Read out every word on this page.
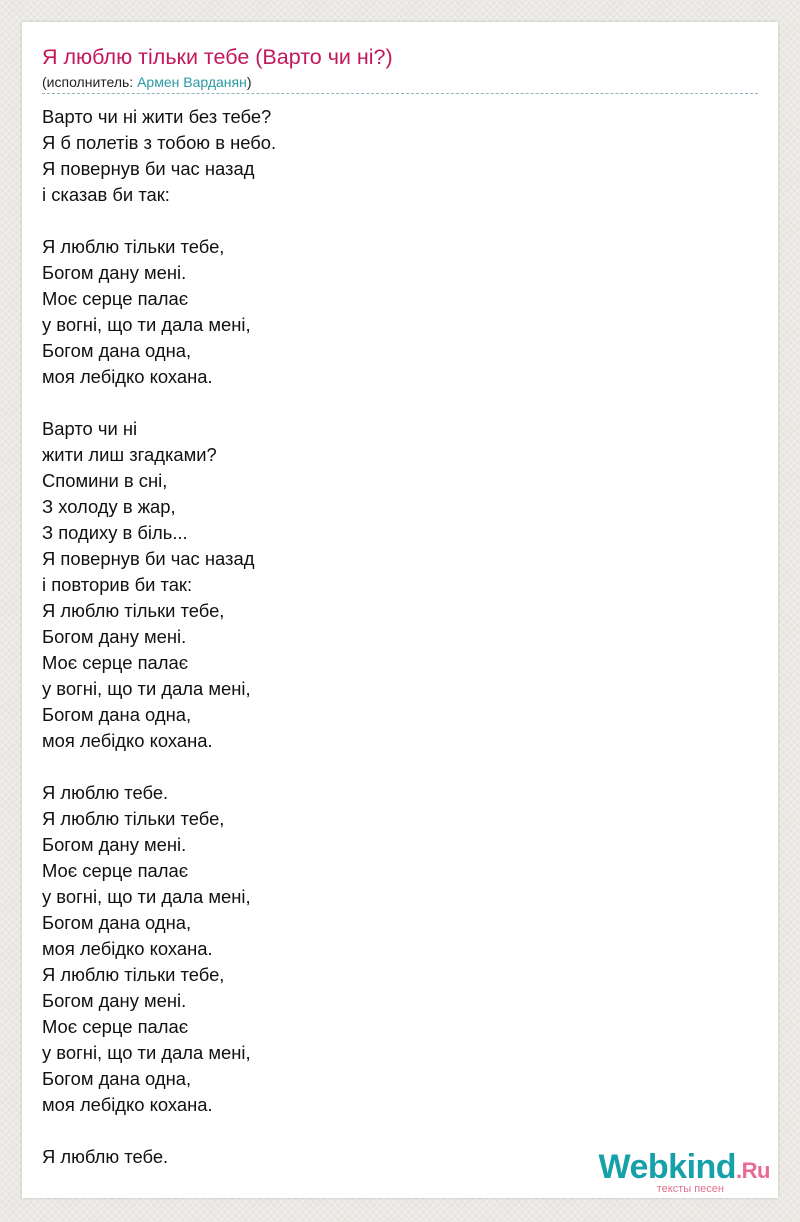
Я люблю тільки тебе (Варто чи ні?)
(исполнитель: Армен Варданян)
Варто чи ні жити без тебе?
Я б полетів з тобою в небо.
Я повернув би час назад
і сказав би так:
Я люблю тільки тебе,
Богом дану мені.
Моє серце палає
у вогні, що ти дала мені,
Богом дана одна,
моя лебідко кохана.
Варто чи ні
жити лиш згадками?
Спомини в сні,
З холоду в жар,
З подиху в біль...
Я повернув би час назад
і повторив би так:
Я люблю тільки тебе,
Богом дану мені.
Моє серце палає
у вогні, що ти дала мені,
Богом дана одна,
моя лебідко кохана.
Я люблю тебе.
Я люблю тільки тебе,
Богом дану мені.
Моє серце палає
у вогні, що ти дала мені,
Богом дана одна,
моя лебідко кохана.
Я люблю тільки тебе,
Богом дану мені.
Моє серце палає
у вогні, що ти дала мені,
Богом дана одна,
моя лебідко кохана.
Я люблю тебе.	Webkind.Ru
тексты песен
